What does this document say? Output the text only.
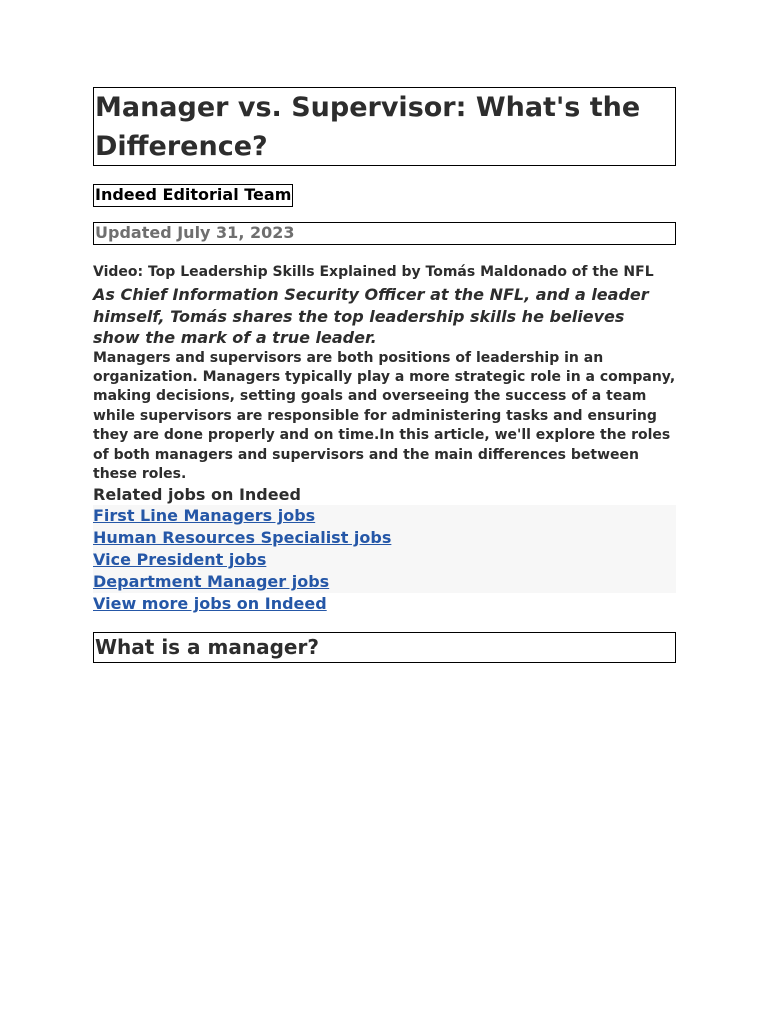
Manager vs. Supervisor: What's the Difference?
Indeed Editorial Team
Updated July 31, 2023
Video: Top Leadership Skills Explained by Tomás Maldonado of the NFL
As Chief Information Security Officer at the NFL, and a leader himself, Tomás shares the top leadership skills he believes show the mark of a true leader.
Managers and supervisors are both positions of leadership in an organization. Managers typically play a more strategic role in a company, making decisions, setting goals and overseeing the success of a team while supervisors are responsible for administering tasks and ensuring they are done properly and on time.In this article, we'll explore the roles of both managers and supervisors and the main differences between these roles.
Related jobs on Indeed
First Line Managers jobs
Human Resources Specialist jobs
Vice President jobs
Department Manager jobs
View more jobs on Indeed
What is a manager?
